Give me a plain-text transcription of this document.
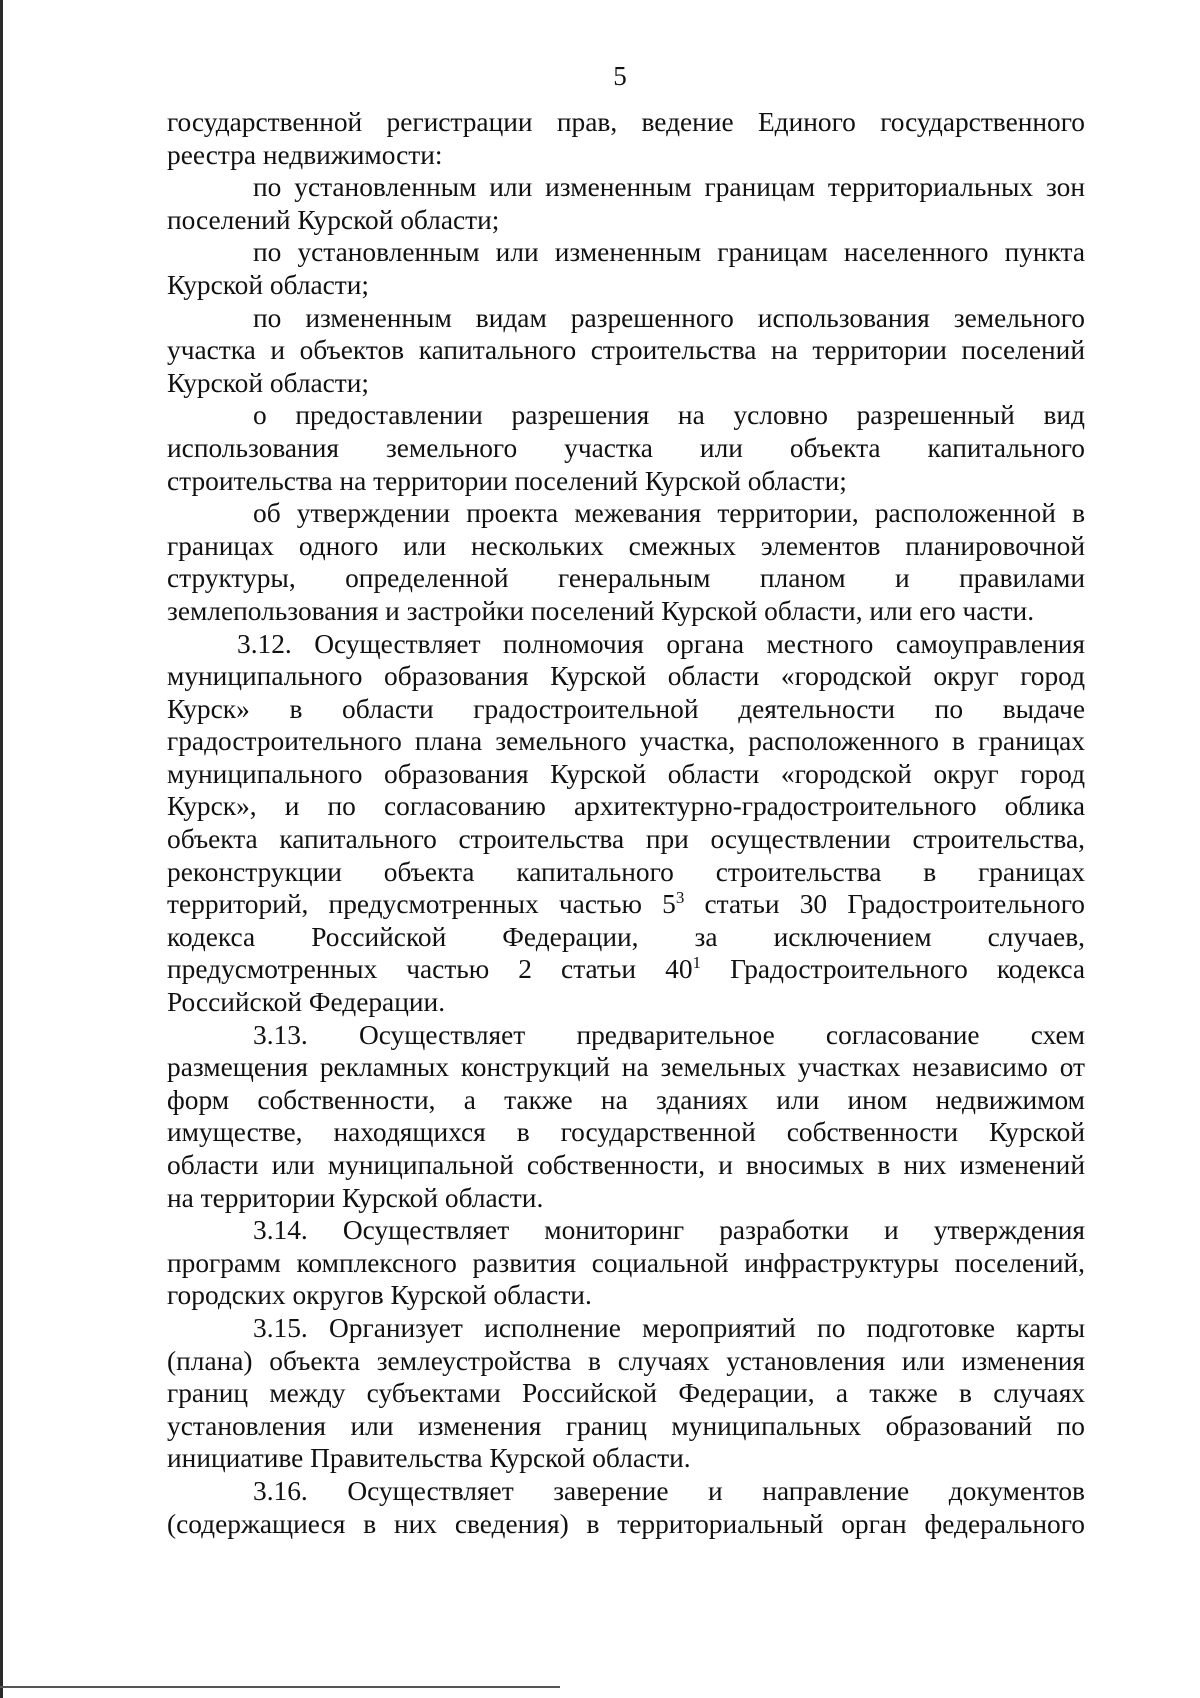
5
государственной регистрации прав, ведение Единого государственного
реестра недвижимости:
по установленным или измененным границам территориальных зон
поселений Курской области;
по установленным или измененным границам населенного пункта
Курской области;
по измененным видам разрешенного использования земельного
участка и объектов капитального строительства на территории поселений
Курской области;
о предоставлении разрешения на условно разрешенный вид
использования земельного участка или объекта капитального
строительства на территории поселений Курской области;
об утверждении проекта межевания территории, расположенной в
границах одного или нескольких смежных элементов планировочной
структуры, определенной генеральным планом и правилами
землепользования и застройки поселений Курской области, или его части.
3.12. Осуществляет полномочия органа местного самоуправления
муниципального образования Курской области «городской округ город
Курск» в области градостроительной деятельности по выдаче
градостроительного плана земельного участка, расположенного в границах
муниципального образования Курской области «городской округ город
Курск», и по согласованию архитектурно-градостроительного облика
объекта капитального строительства при осуществлении строительства,
реконструкции объекта капитального строительства в границах
территорий, предусмотренных частью $5^3$ статьи 30 Градостроительного
кодекса Российской Федерации, за исключением случаев,
предусмотренных частью 2 статьи $40^1$ Градостроительного кодекса
Российской Федерации.
3.13. Осуществляет предварительное согласование схем
размещения рекламных конструкций на земельных участках независимо от
форм собственности, а также на зданиях или ином недвижимом
имуществе, находящихся в государственной собственности Курской
области или муниципальной собственности, и вносимых в них изменений
на территории Курской области.
3.14. Осуществляет мониторинг разработки и утверждения
программ комплексного развития социальной инфраструктуры поселений,
городских округов Курской области.
3.15. Организует исполнение мероприятий по подготовке карты
(плана) объекта землеустройства в случаях установления или изменения
границ между субъектами Российской Федерации, а также в случаях
установления или изменения границ муниципальных образований по
инициативе Правительства Курской области.
3.16. Осуществляет заверение и направление документов
(содержащиеся в них сведения) в территориальный орган федерального
